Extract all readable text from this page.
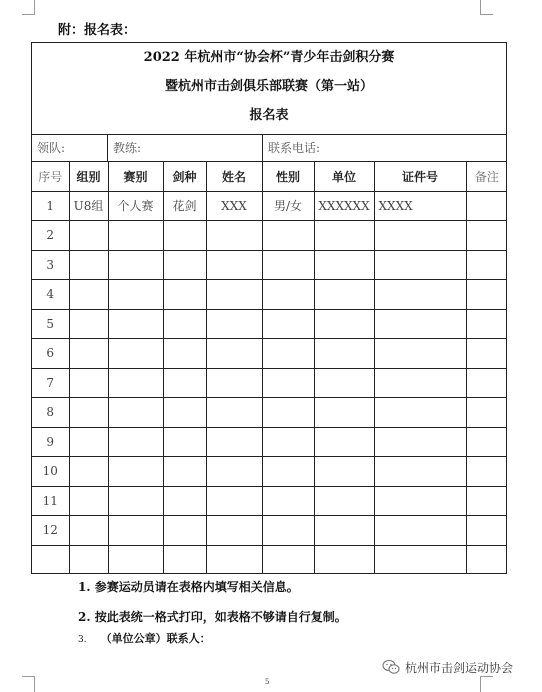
附：报名表：
2022 年杭州市“协会杯”青少年击剑积分赛
暨杭州市击剑俱乐部联赛（第一站）
报名表
领队:	教练:	联系电话:
序号	组别	赛别	剑种	姓名	性别	单位	证件号	备注
1	U8组	个人赛	花剑	XXX	男/女	XXXXXX	XXXX	
2								
3								
4								
5								
6								
7								
8								
9								
10								
11								
12								

1. 参赛运动员请在表格内填写相关信息。
2. 按此表统一格式打印，如表格不够请自行复制。
3. （单位公章）联系人：
5
杭州市击剑运动协会
